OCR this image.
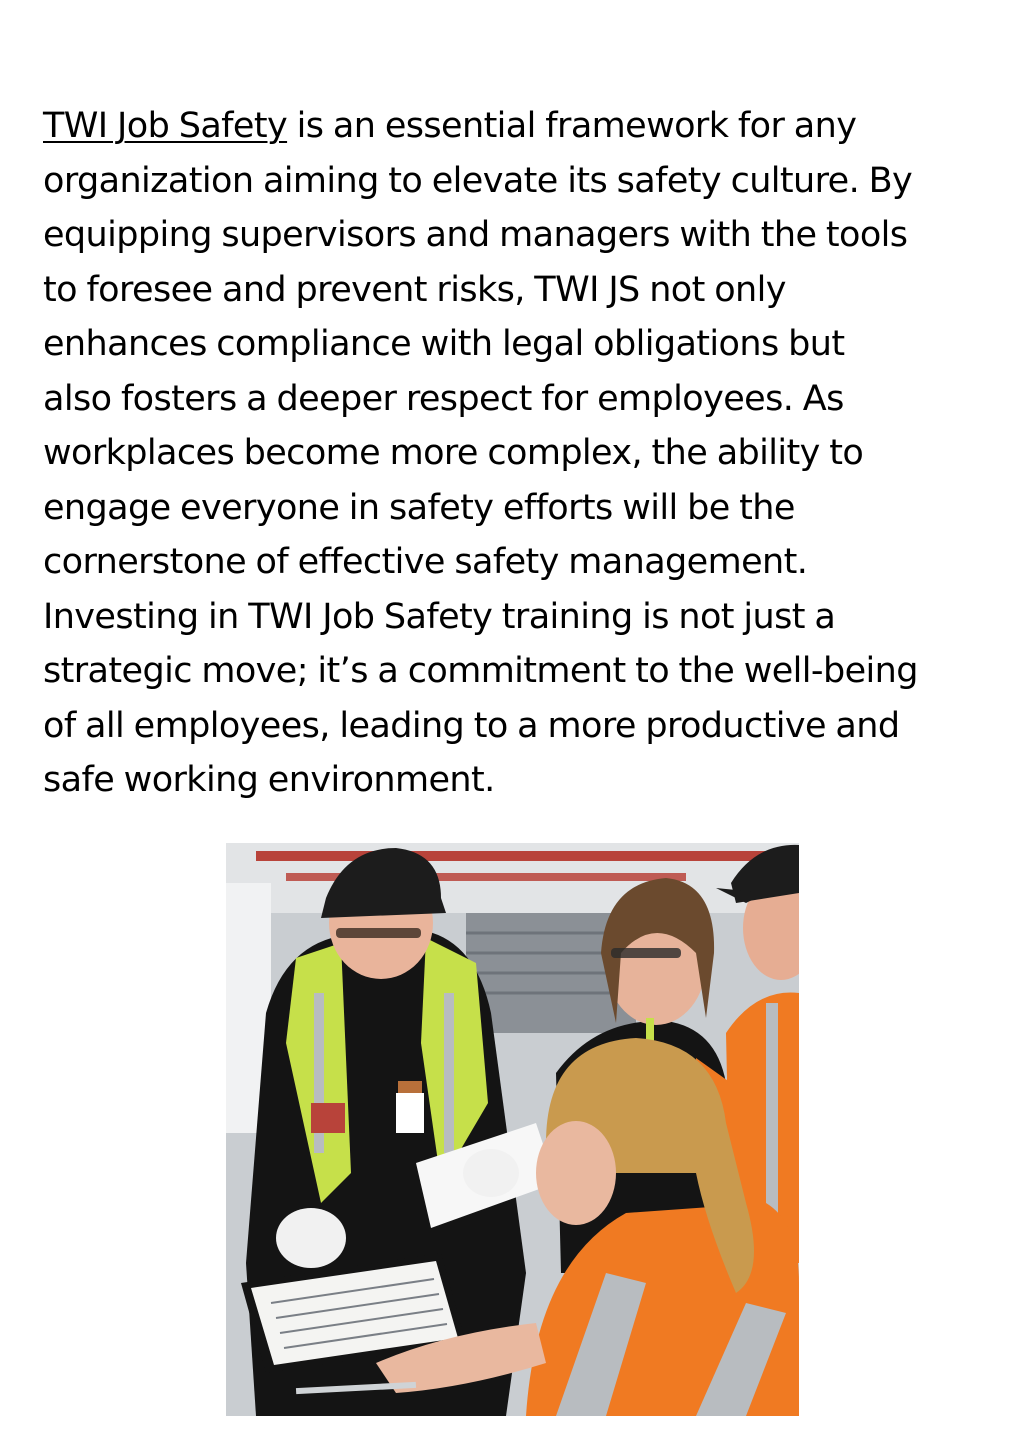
TWI Job Safety is an essential framework for any
organization aiming to elevate its safety culture. By
equipping supervisors and managers with the tools
to foresee and prevent risks, TWI JS not only
enhances compliance with legal obligations but
also fosters a deeper respect for employees. As
workplaces become more complex, the ability to
engage everyone in safety efforts will be the
cornerstone of effective safety management.
Investing in TWI Job Safety training is not just a
strategic move; it’s a commitment to the well-being
of all employees, leading to a more productive and
safe working environment.
